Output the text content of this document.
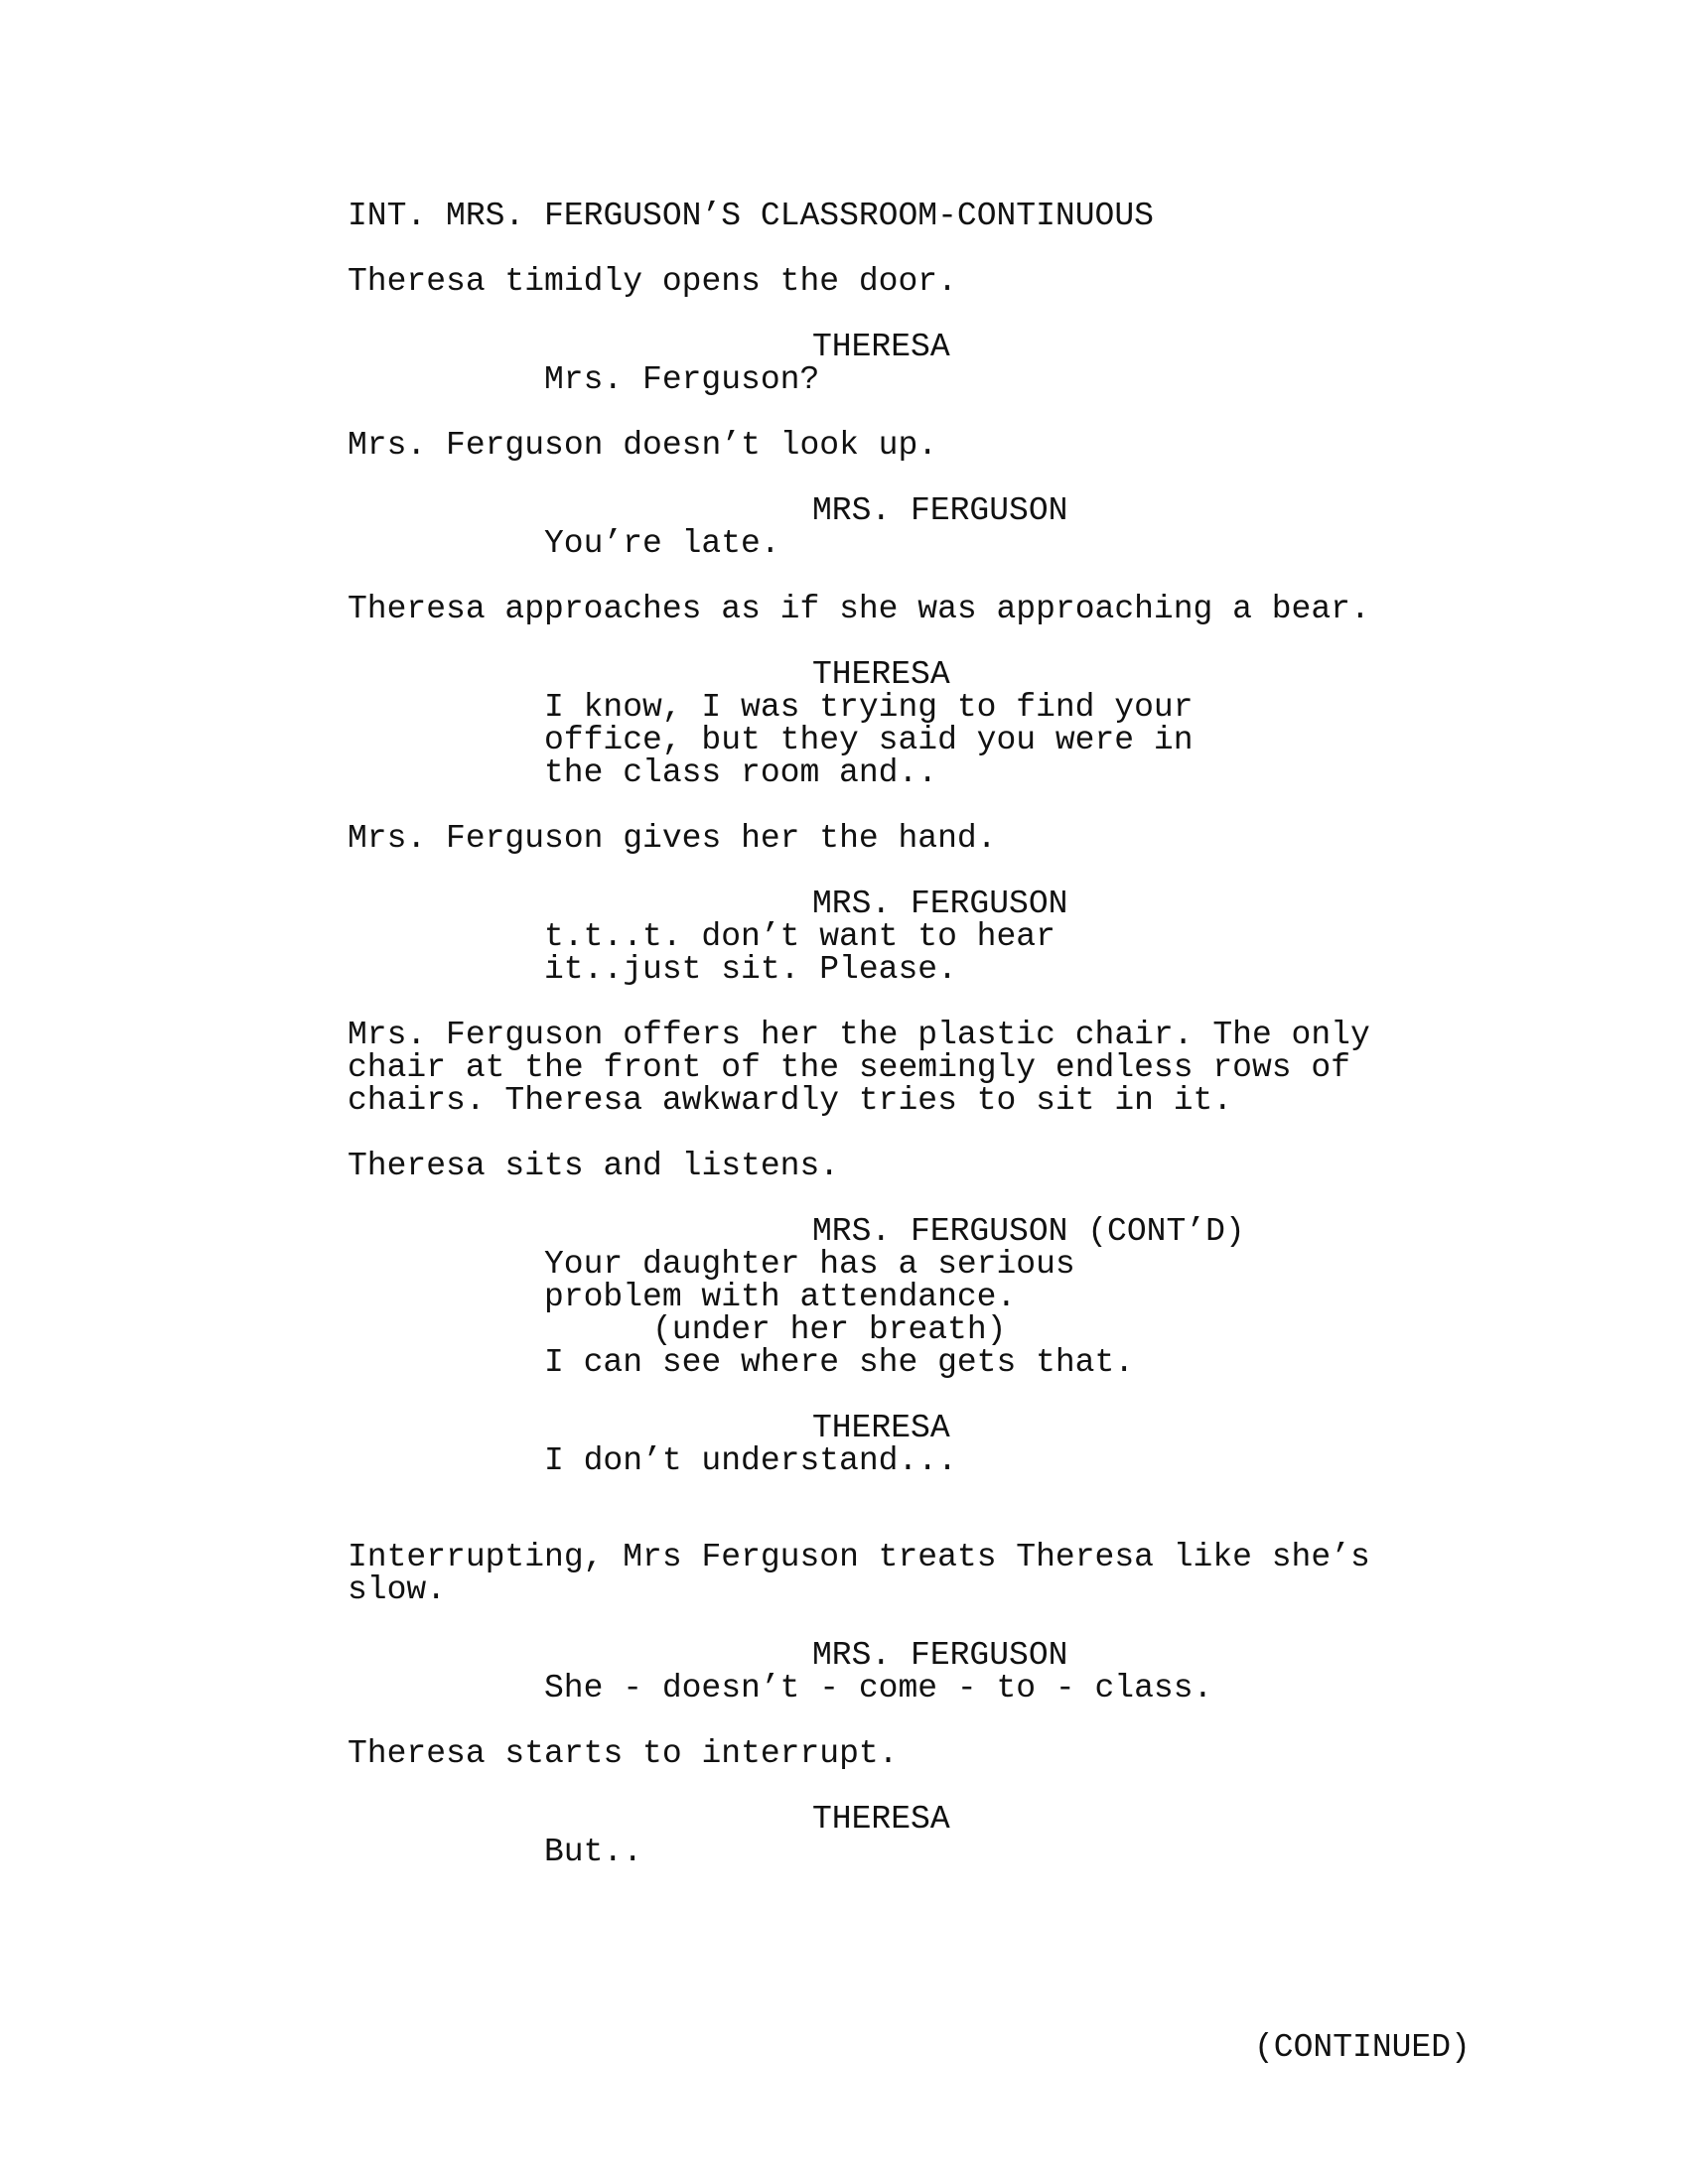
INT. MRS. FERGUSON’S CLASSROOM-CONTINUOUS
Theresa timidly opens the door.
THERESA
Mrs. Ferguson?
Mrs. Ferguson doesn’t look up.
MRS. FERGUSON
You’re late.
Theresa approaches as if she was approaching a bear.
THERESA
I know, I was trying to find your
office, but they said you were in
the class room and..
Mrs. Ferguson gives her the hand.
MRS. FERGUSON
t.t..t. don’t want to hear
it..just sit. Please.
Mrs. Ferguson offers her the plastic chair. The only
chair at the front of the seemingly endless rows of
chairs. Theresa awkwardly tries to sit in it.
Theresa sits and listens.
MRS. FERGUSON (CONT’D)
Your daughter has a serious
problem with attendance.
(under her breath)
I can see where she gets that.
THERESA
I don’t understand...
Interrupting, Mrs Ferguson treats Theresa like she’s
slow.
MRS. FERGUSON
She - doesn’t - come - to - class.
Theresa starts to interrupt.
THERESA
But..
(CONTINUED)
